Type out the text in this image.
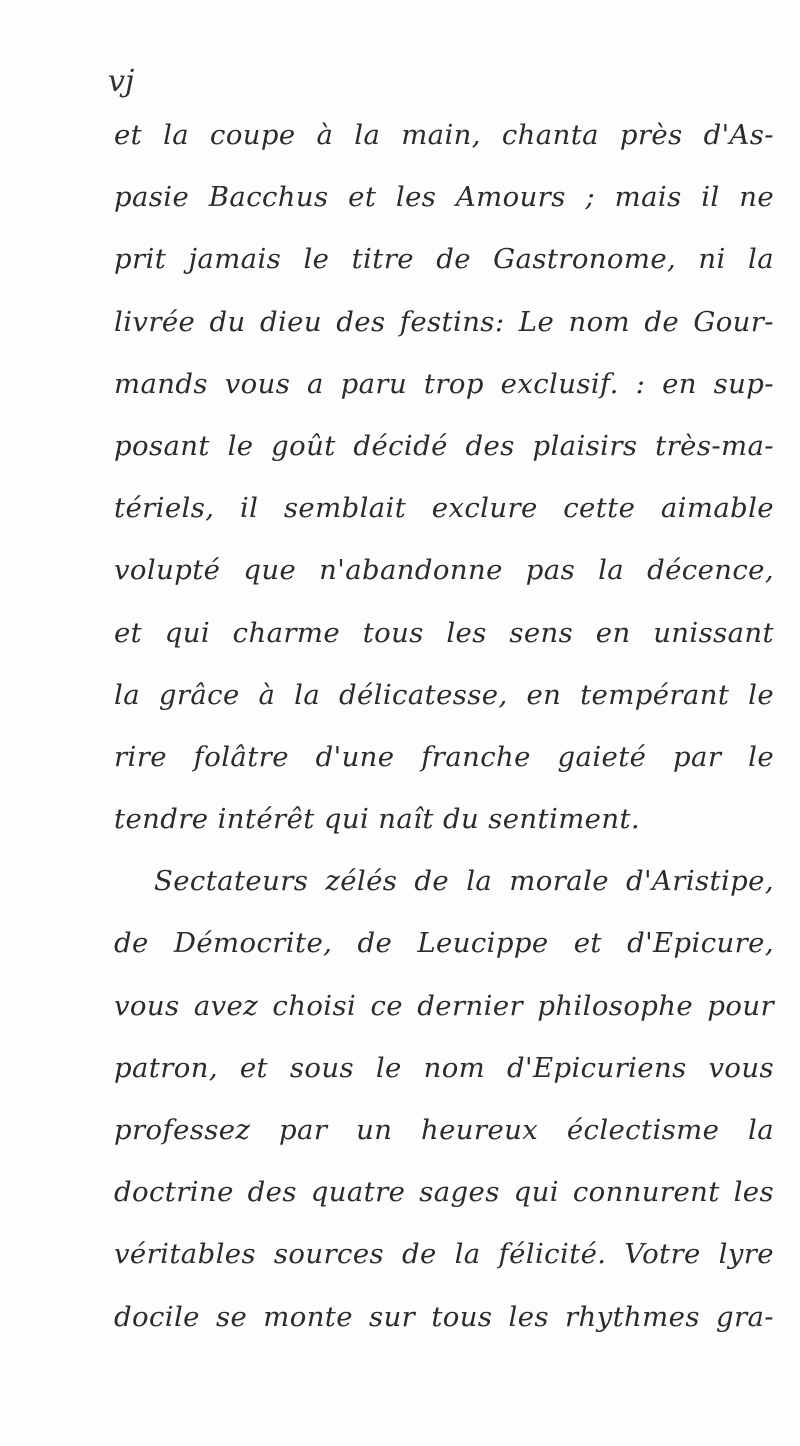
vj
et la coupe à la main, chanta près d'As-
pasie Bacchus et les Amours ; mais il ne
prit jamais le titre de Gastronome, ni la
livrée du dieu des festins: Le nom de Gour-
mands vous a paru trop exclusif. : en sup-
posant le goût décidé des plaisirs très-ma-
tériels, il semblait exclure cette aimable
volupté que n'abandonne pas la décence,
et qui charme tous les sens en unissant
la grâce à la délicatesse, en tempérant le
rire folâtre d'une franche gaieté par le
tendre intérêt qui naît du sentiment.
Sectateurs zélés de la morale d'Aristipe,
de Démocrite, de Leucippe et d'Epicure,
vous avez choisi ce dernier philosophe pour
patron, et sous le nom d'Epicuriens vous
professez par un heureux éclectisme la
doctrine des quatre sages qui connurent les
véritables sources de la félicité. Votre lyre
docile se monte sur tous les rhythmes gra-
